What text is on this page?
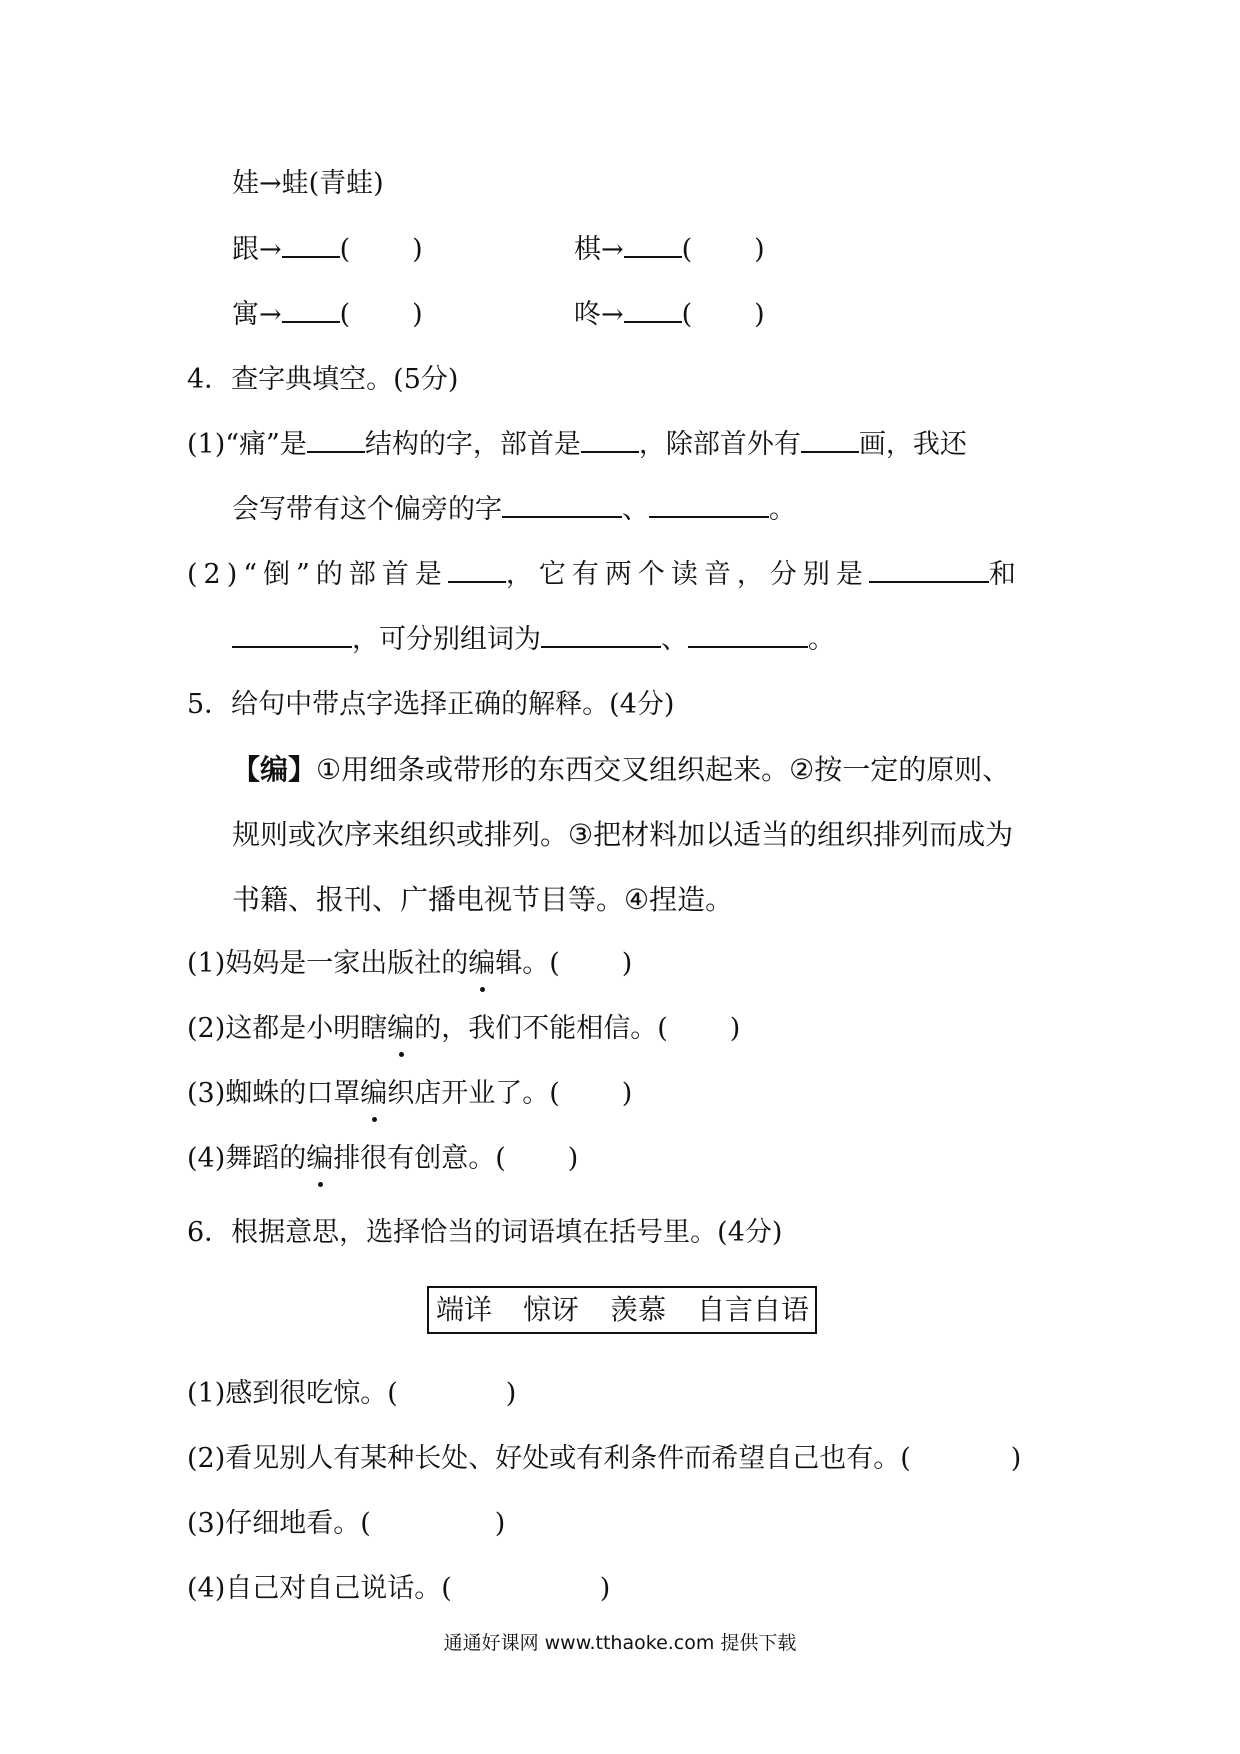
娃→蛙(青蛙)
跟→ ( )	棋→ ( )
寓→ ( )	咚→ ( )
4．查字典填空。(5分)
(1)“痛”是 结构的字，部首是 ，除部首外有 画，我还
会写带有这个偏旁的字	、	。
(2)“倒”的部首是 ，它有两个读音，分别是	和
，可分别组词为	、	。
5．给句中带点字选择正确的解释。(4分)
【编】①用细条或带形的东西交叉组织起来。②按一定的原则、
规则或次序来组织或排列。③把材料加以适当的组织排列而成为
书籍、报刊、广播电视节目等。④捏造。
(1)妈妈是一家出版社的编辑。( )
(2)这都是小明瞎编的，我们不能相信。( )
(3)蜘蛛的口罩编织店开业了。( )
(4)舞蹈的编排很有创意。( )
6．根据意思，选择恰当的词语填在括号里。(4分)
端详 惊讶 羡慕 自言自语
(1)感到很吃惊。(	)
(2)看见别人有某种长处、好处或有利条件而希望自己也有。(	)
(3)仔细地看。(	)
(4)自己对自己说话。(	)
通通好课网 www.tthaoke.com 提供下载
